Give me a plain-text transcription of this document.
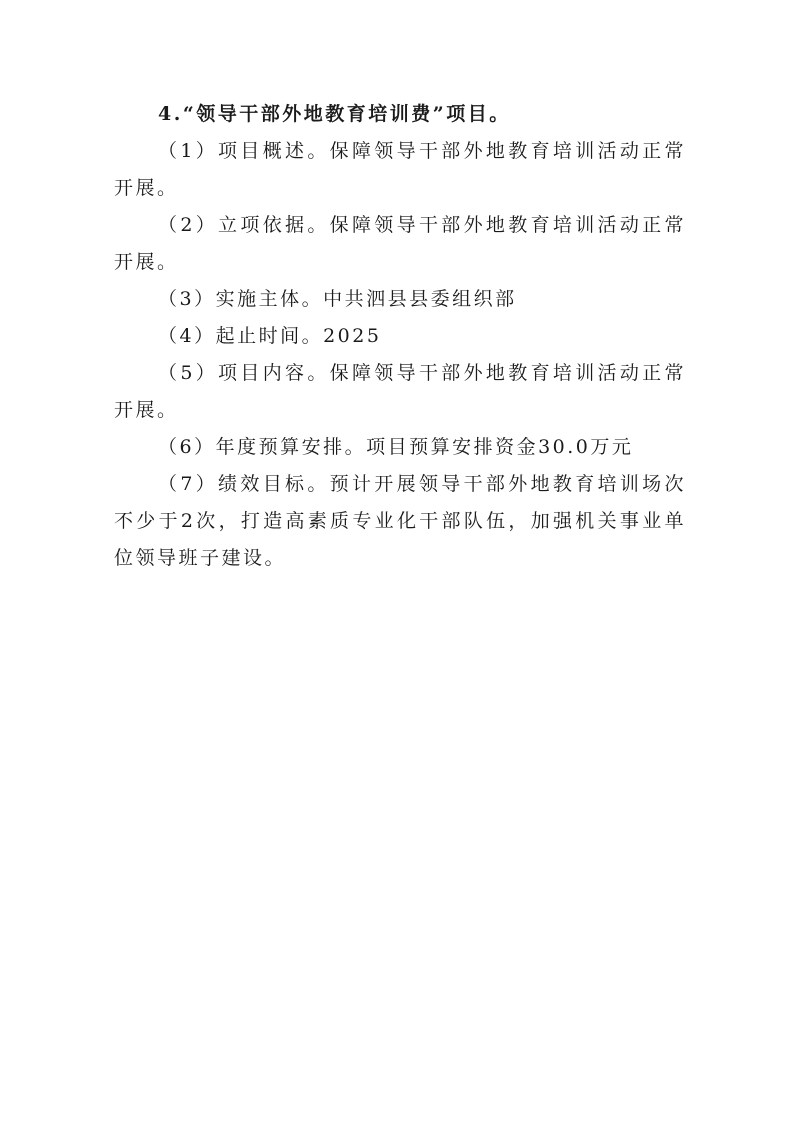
4.“领导干部外地教育培训费”项目。

（1）项目概述。保障领导干部外地教育培训活动正常开展。

（2）立项依据。保障领导干部外地教育培训活动正常开展。

（3）实施主体。中共泗县县委组织部

（4）起止时间。2025

（5）项目内容。保障领导干部外地教育培训活动正常开展。

（6）年度预算安排。项目预算安排资金30.0万元

（7）绩效目标。预计开展领导干部外地教育培训场次不少于2次，打造高素质专业化干部队伍，加强机关事业单位领导班子建设。
